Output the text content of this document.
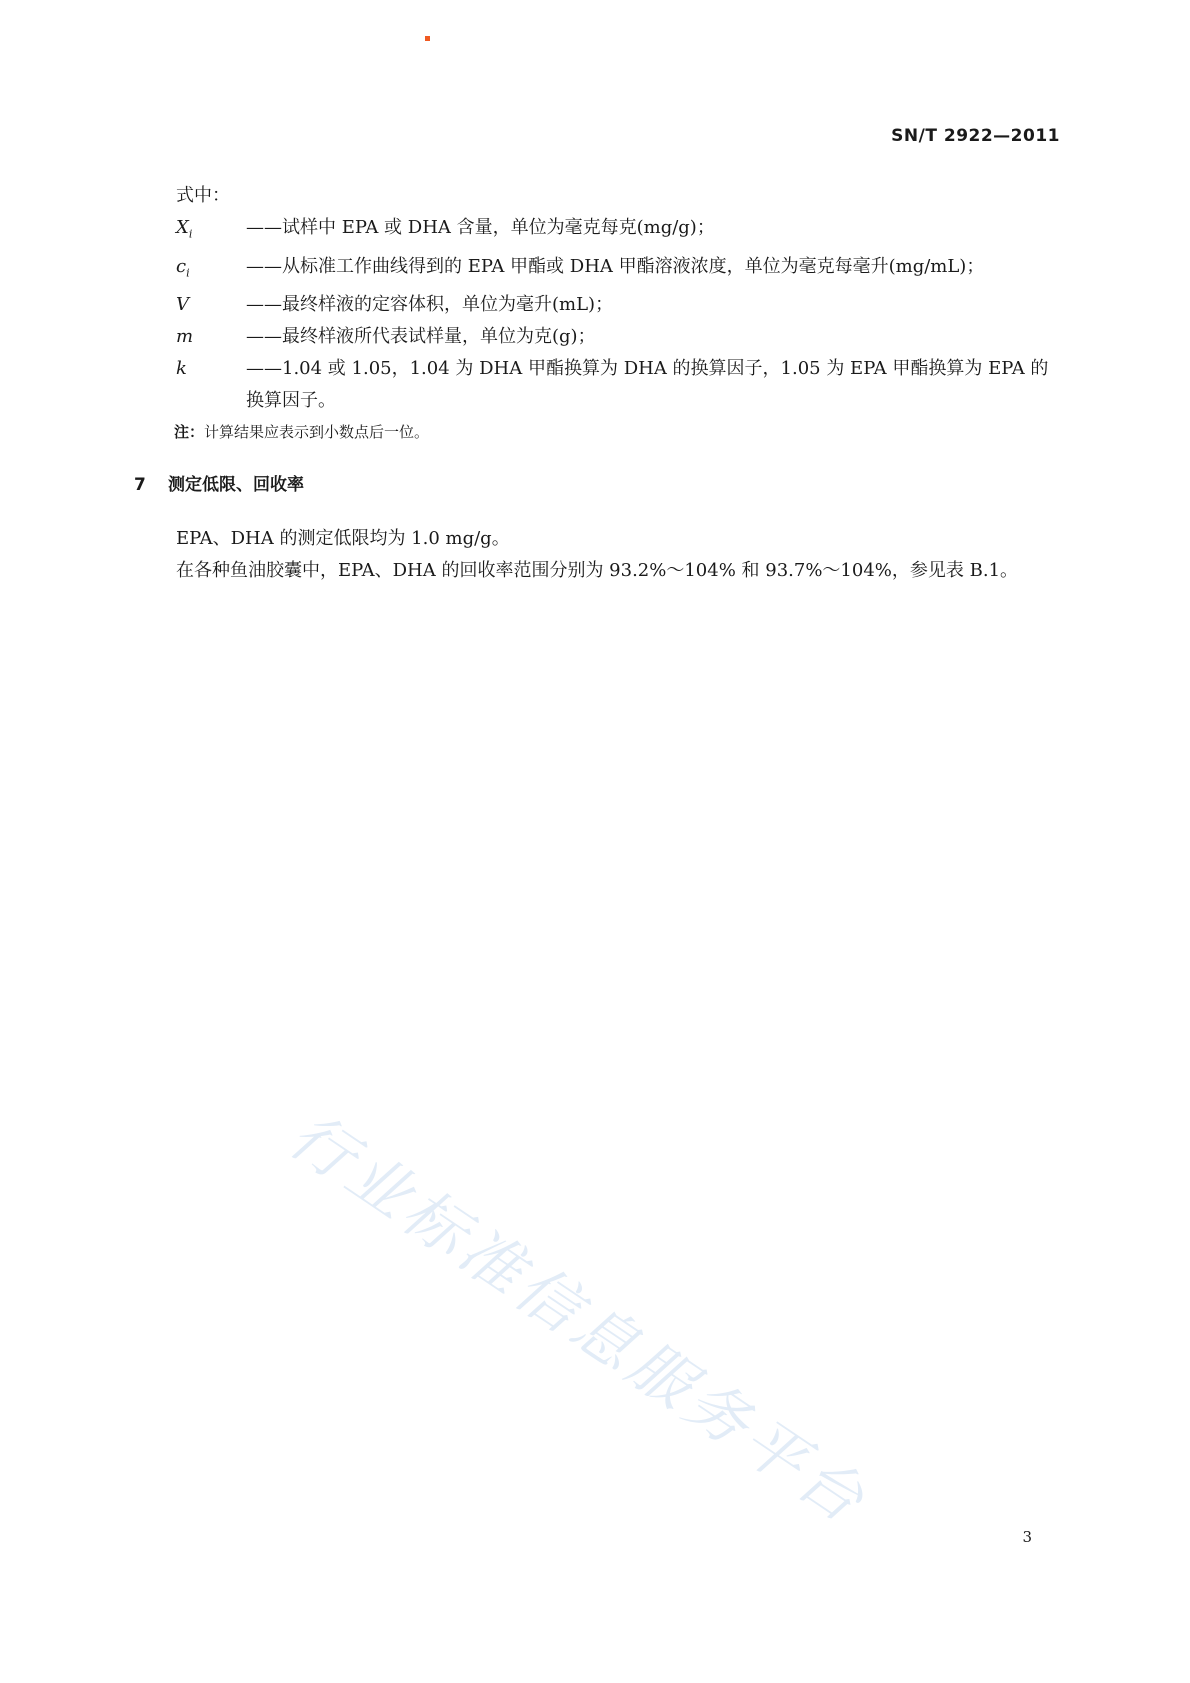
SN/T 2922—2011
式中：
$X_i$	——试样中 EPA 或 DHA 含量，单位为毫克每克(mg/g)；
$c_i$	——从标准工作曲线得到的 EPA 甲酯或 DHA 甲酯溶液浓度，单位为毫克每毫升(mg/mL)；
V	——最终样液的定容体积，单位为毫升(mL)；
m	——最终样液所代表试样量，单位为克(g)；
k	——1.04 或 1.05，1.04 为 DHA 甲酯换算为 DHA 的换算因子，1.05 为 EPA 甲酯换算为 EPA 的换算因子。
注：计算结果应表示到小数点后一位。
7 测定低限、回收率
EPA、DHA 的测定低限均为 1.0 mg/g。
在各种鱼油胶囊中，EPA、DHA 的回收率范围分别为 93.2%～104% 和 93.7%～104%，参见表 B.1。
行业标准信息服务平台	3
